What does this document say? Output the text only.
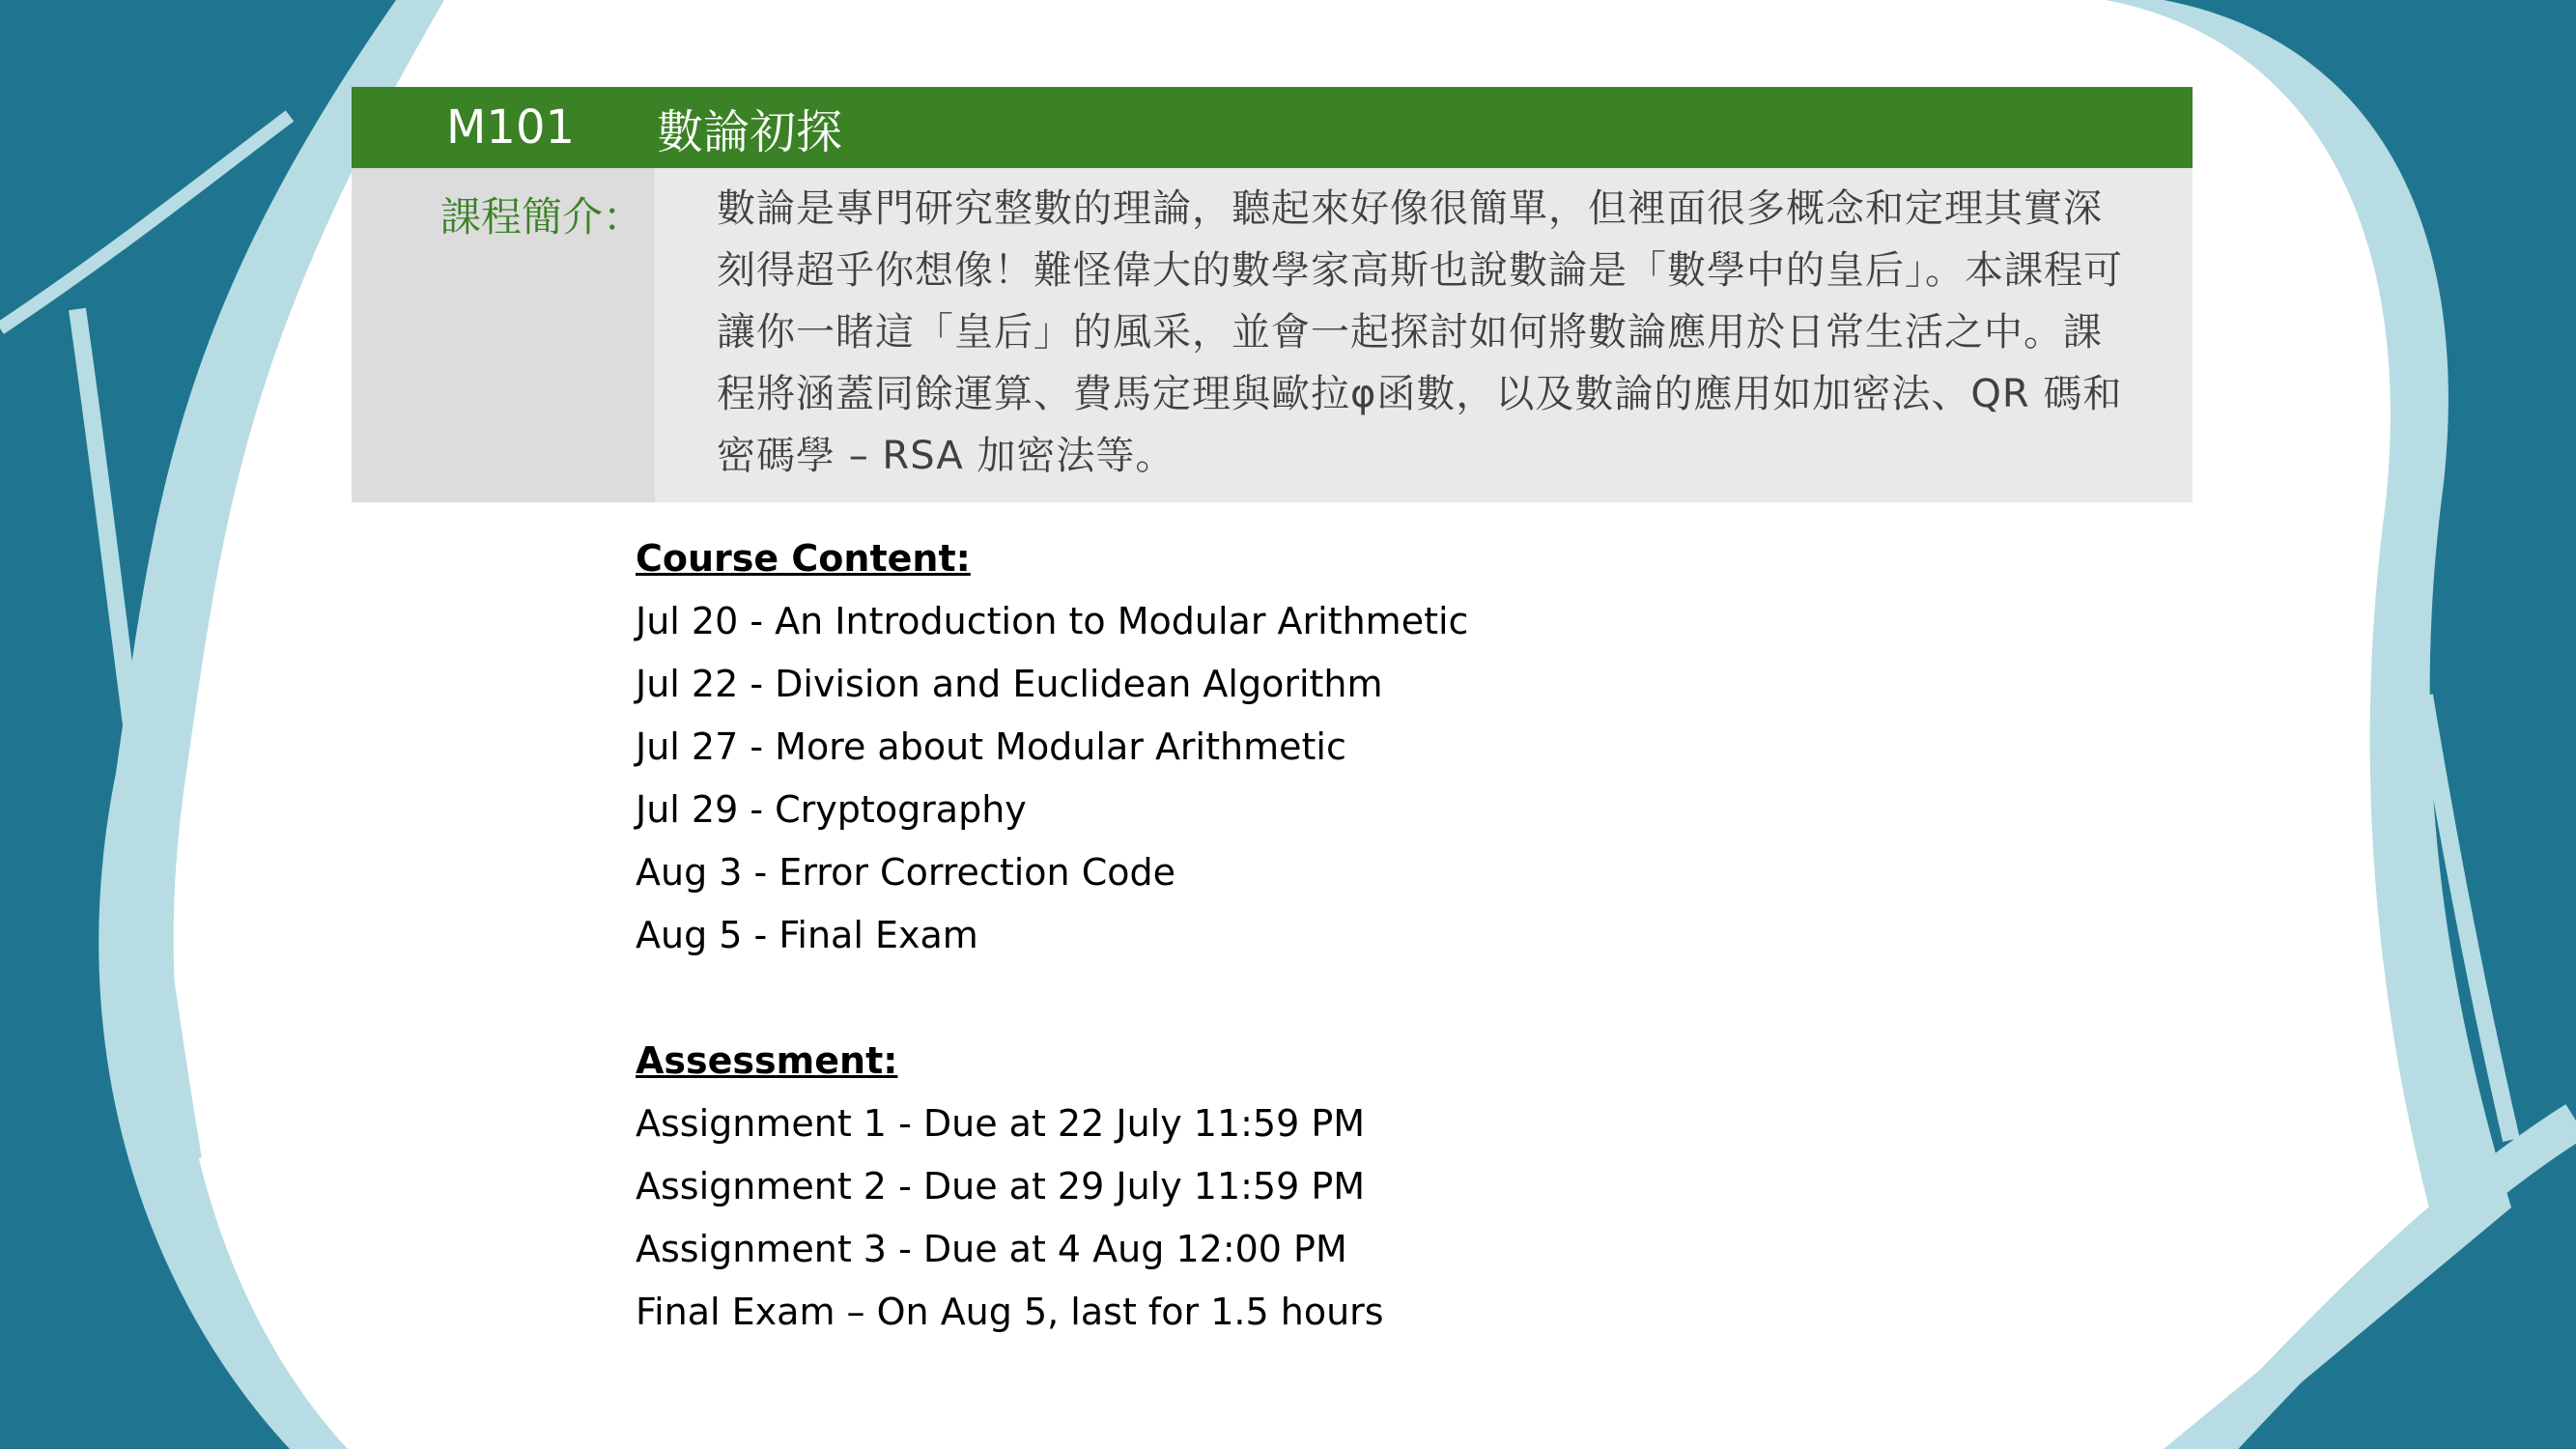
M101	數論初探
課程簡介：	數論是專門研究整數的理論，聽起來好像很簡單，但裡面很多概念和定理其實深刻得超乎你想像！難怪偉大的數學家高斯也說數論是「數學中的皇后」。本課程可讓你一睹這「皇后」的風采，並會一起探討如何將數論應用於日常生活之中。課程將涵蓋同餘運算、費馬定理與歐拉φ函數，以及數論的應用如加密法、QR 碼和密碼學 – RSA 加密法等。
Course Content:
Jul 20 - An Introduction to Modular Arithmetic
Jul 22 - Division and Euclidean Algorithm
Jul 27 - More about Modular Arithmetic
Jul 29 - Cryptography
Aug 3 - Error Correction Code
Aug 5 - Final Exam
Assessment:
Assignment 1 - Due at 22 July 11:59 PM
Assignment 2 - Due at 29 July 11:59 PM
Assignment 3 - Due at 4 Aug 12:00 PM
Final Exam – On Aug 5, last for 1.5 hours
